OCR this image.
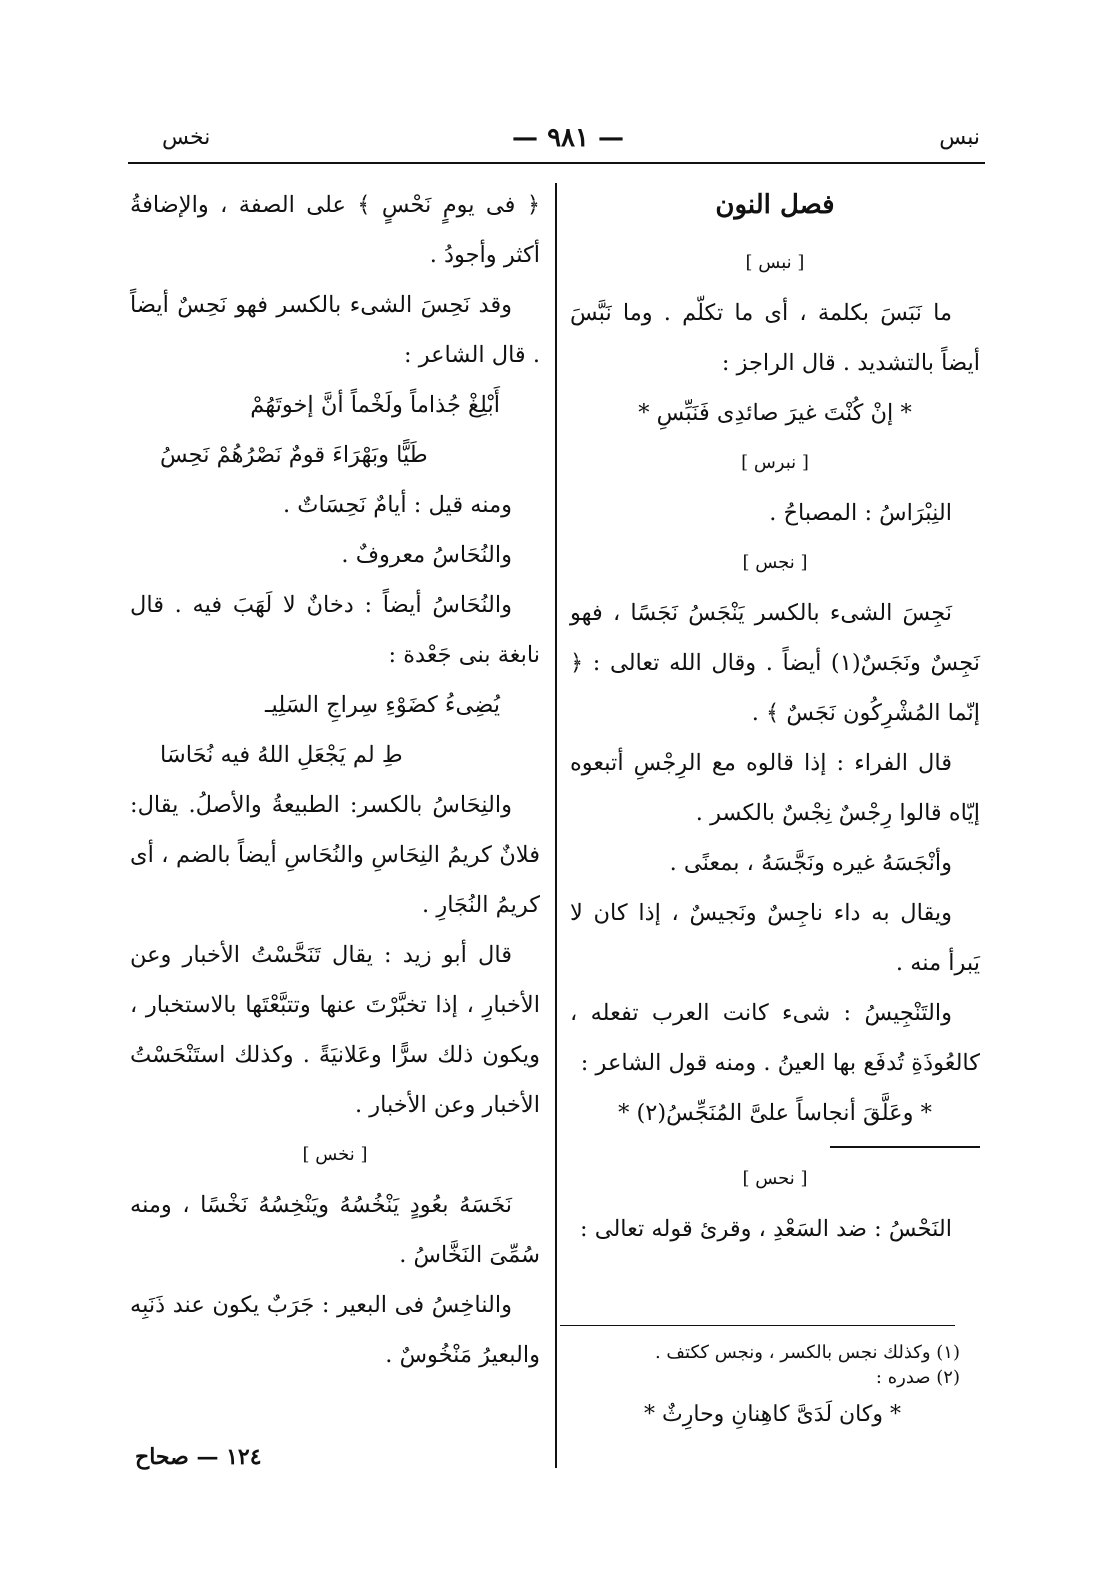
نبس
— ٩٨١ —
نخس

فصل النون

[ نبس ]

ما نَبَسَ بكلمة ، أى ما تكلّم . وما نَبَّسَ أيضاً بالتشديد . قال الراجز :

* إنْ كُنْتَ غيرَ صائدِى فَنَبِّسِ *

[ نبرس ]

النِبْرَاسُ : المصباحُ .

[ نجس ]

نَجِسَ الشىء بالكسر يَنْجَسُ نَجَسًا ، فهو نَجِسٌ ونَجَسٌ(١) أيضاً . وقال الله تعالى : ﴿ إنّما المُشْرِكُون نَجَسٌ ﴾ .

قال الفراء : إذا قالوه مع الرِجْسِ أتبعوه إيّاه قالوا رِجْسٌ نِجْسٌ بالكسر .

وأنْجَسَهُ غيره ونَجَّسَهُ ، بمعنًى .

ويقال به داء ناجِسٌ ونَجيسٌ ، إذا كان لا يَبرأ منه .

والتَنْجِيسُ : شىء كانت العرب تفعله ، كالعُوذَةِ تُدفَع بها العينُ . ومنه قول الشاعر :

* وعَلَّقَ أنجاساً علىَّ المُنَجِّسُ(٢) *

[ نحس ]

النَحْسُ : ضد السَعْدِ ، وقرئ قوله تعالى :

(١) وكذلك نجس بالكسر ، ونجس ككتف .

(٢) صدره :

* وكان لَدَىَّ كاهِنانِ وحارِثٌ *

﴿ فى يومٍ نَحْسٍ ﴾ على الصفة ، والإضافةُ أكثر وأجودُ .

وقد نَحِسَ الشىء بالكسر فهو نَحِسٌ أيضاً . قال الشاعر :

أَبْلِغْ جُذاماً ولَخْماً أنَّ إخوتَهُمْ

طَيًّا وبَهْرَاءَ قومٌ نَصْرُهُمْ نَحِسُ

ومنه قيل : أيامٌ نَحِسَاتٌ .

والنُحَاسُ معروفٌ .

والنُحَاسُ أيضاً : دخانٌ لا لَهَبَ فيه . قال نابغة بنى جَعْدة :

يُضِىءُ كضَوْءِ سِراجِ السَلِيـ

طِ لم يَجْعَلِ اللهُ فيه نُحَاسَا

والنِحَاسُ بالكسر: الطبيعةُ والأصلُ. يقال: فلانٌ كريمُ النِحَاسِ والنُحَاسِ أيضاً بالضم ، أى كريمُ النُجَارِ .

قال أبو زيد : يقال تَنَحَّسْتُ الأخبار وعن الأخبارِ ، إذا تخبَّرْتَ عنها وتتبَّعْتَها بالاستخبار ، ويكون ذلك سرًّا وعَلانيَةً . وكذلك استَنْحَسْتُ الأخبار وعن الأخبار .

[ نخس ]

نَخَسَهُ بعُودٍ يَنْخُسُهُ ويَنْخِسُهُ نَخْسًا ، ومنه سُمِّىَ النَخَّاسُ .

والناخِسُ فى البعير : جَرَبٌ يكون عند ذَنَبِه والبعيرُ مَنْخُوسٌ .

١٢٤ — صحاح
